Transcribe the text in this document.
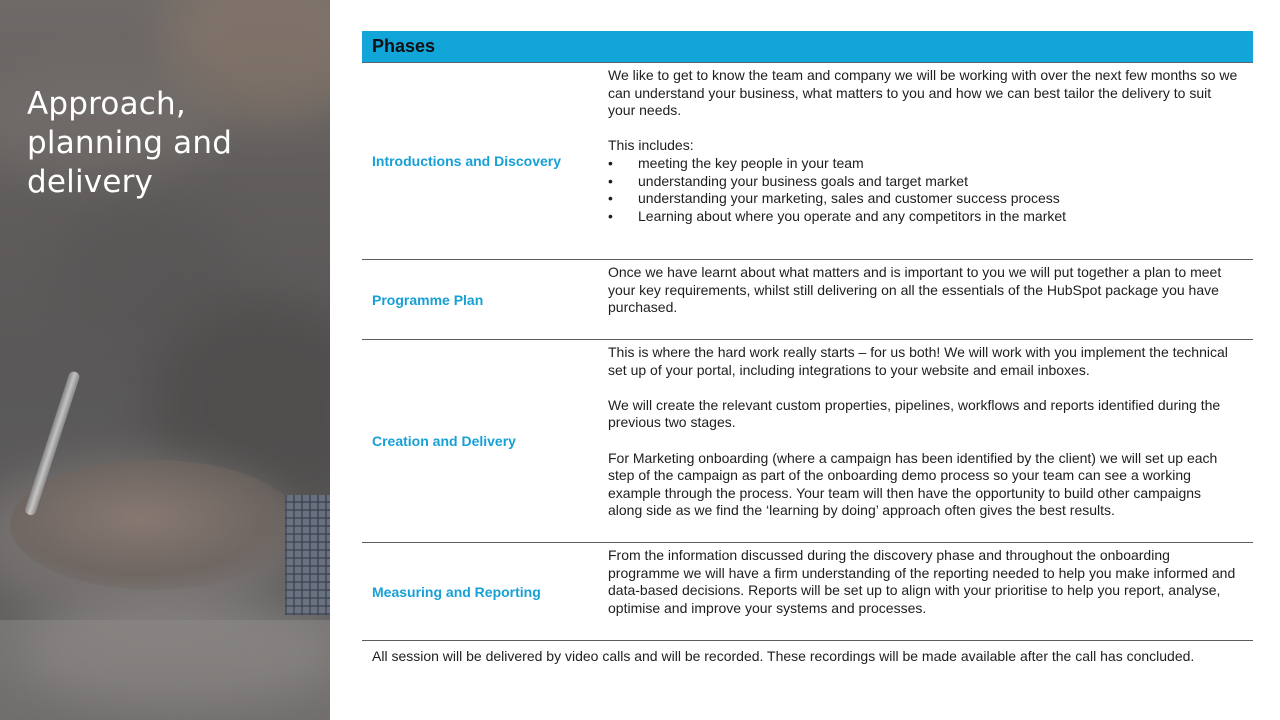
Approach, planning and delivery
Phases
Introductions and Discovery
We like to get to know the team and company we will be working with over the next few months so we can understand your business, what matters to you and how we can best tailor the delivery to suit your needs.
This includes:
• meeting the key people in your team
• understanding your business goals and target market
• understanding your marketing, sales and customer success process
• Learning about where you operate and any competitors in the market
Programme Plan
Once we have learnt about what matters and is important to you we will put together a plan to meet your key requirements, whilst still delivering on all the essentials of the HubSpot package you have purchased.
Creation and Delivery
This is where the hard work really starts – for us both! We will work with you implement the technical set up of your portal, including integrations to your website and email inboxes.
We will create the relevant custom properties, pipelines, workflows and reports identified during the previous two stages.
For Marketing onboarding (where a campaign has been identified by the client) we will set up each step of the campaign as part of the onboarding demo process so your team can see a working example through the process. Your team will then have the opportunity to build other campaigns along side as we find the ‘learning by doing’ approach often gives the best results.
Measuring and Reporting
From the information discussed during the discovery phase and throughout the onboarding programme we will have a firm understanding of the reporting needed to help you make informed and data-based decisions. Reports will be set up to align with your prioritise to help you report, analyse, optimise and improve your systems and processes.
All session will be delivered by video calls and will be recorded. These recordings will be made available after the call has concluded.
